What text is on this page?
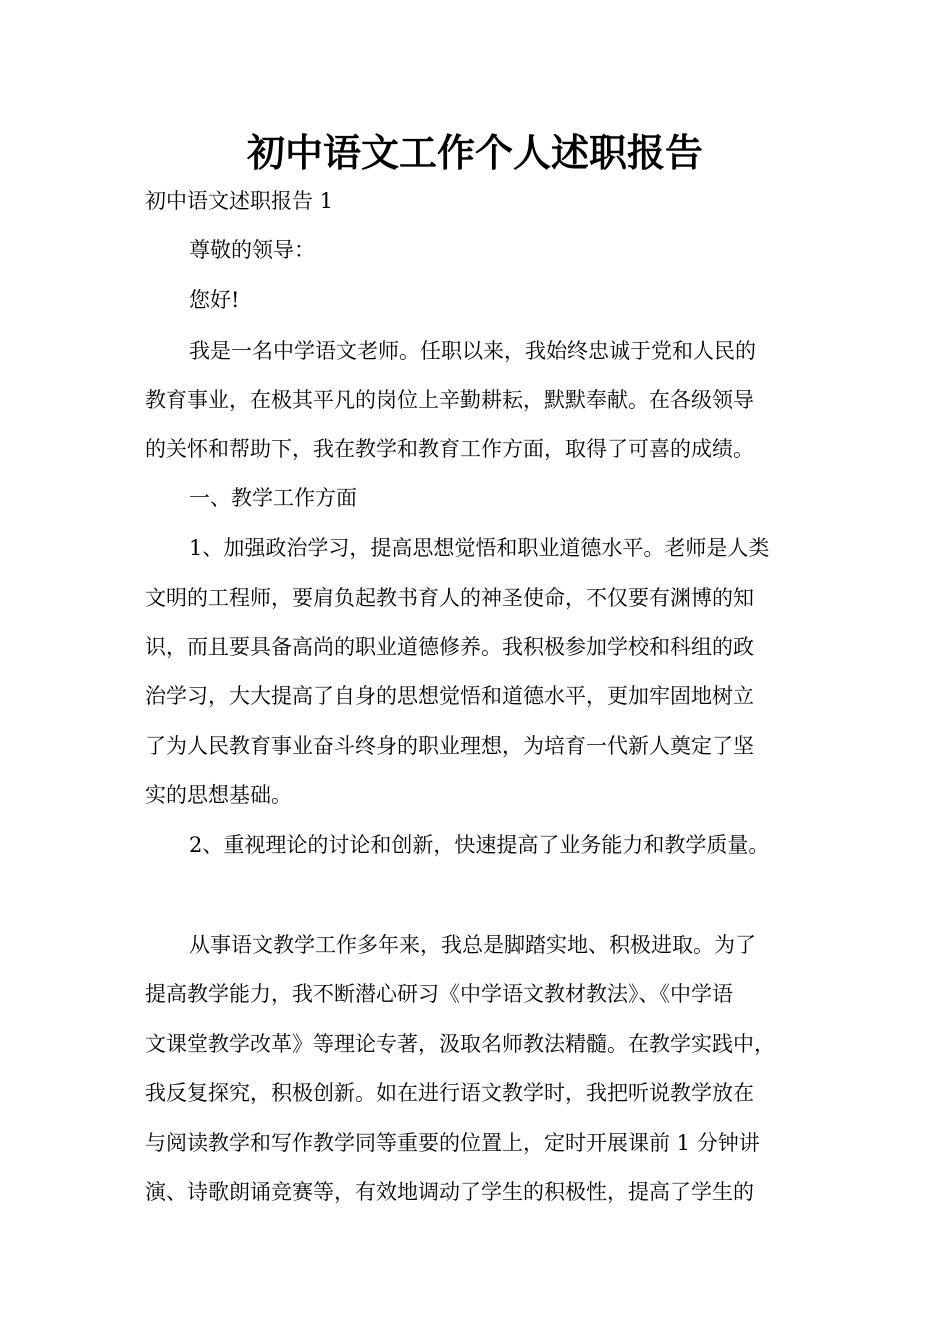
初中语文工作个人述职报告

初中语文述职报告 1

尊敬的领导：

您好!

我是一名中学语文老师。任职以来，我始终忠诚于党和人民的

教育事业，在极其平凡的岗位上辛勤耕耘，默默奉献。在各级领导

的关怀和帮助下，我在教学和教育工作方面，取得了可喜的成绩。

一、教学工作方面

1、加强政治学习，提高思想觉悟和职业道德水平。老师是人类

文明的工程师，要肩负起教书育人的神圣使命，不仅要有渊博的知

识，而且要具备高尚的职业道德修养。我积极参加学校和科组的政

治学习，大大提高了自身的思想觉悟和道德水平，更加牢固地树立

了为人民教育事业奋斗终身的职业理想，为培育一代新人奠定了坚

实的思想基础。

2、重视理论的讨论和创新，快速提高了业务能力和教学质量。

从事语文教学工作多年来，我总是脚踏实地、积极进取。为了

提高教学能力，我不断潜心研习《中学语文教材教法》、《中学语

文课堂教学改革》等理论专著，汲取名师教法精髓。在教学实践中，

我反复探究，积极创新。如在进行语文教学时，我把听说教学放在

与阅读教学和写作教学同等重要的位置上，定时开展课前 1 分钟讲

演、诗歌朗诵竞赛等，有效地调动了学生的积极性，提高了学生的
